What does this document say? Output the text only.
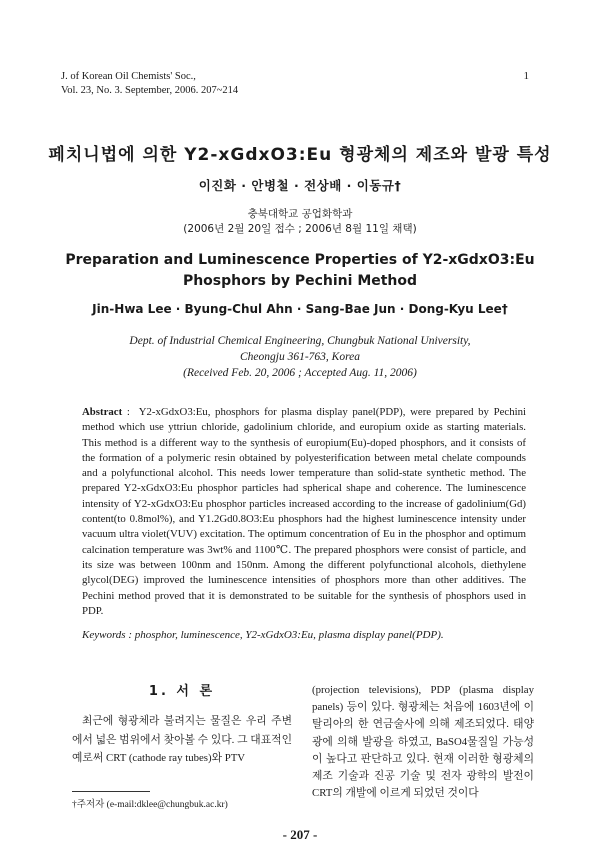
J. of Korean Oil Chemists' Soc.,
Vol. 23, No. 3. September, 2006. 207~214
1
페치니법에 의한 Y2-xGdxO3:Eu 형광체의 제조와 발광 특성
이진화 · 안병철 · 전상배 · 이동규†
충북대학교 공업화학과
(2006년 2월 20일 접수 ; 2006년 8월 11일 채택)
Preparation and Luminescence Properties of Y2-xGdxO3:Eu
Phosphors by Pechini Method
Jin-Hwa Lee · Byung-Chul Ahn · Sang-Bae Jun · Dong-Kyu Lee†
Dept. of Industrial Chemical Engineering, Chungbuk National University,
Cheongju 361-763, Korea
(Received Feb. 20, 2006 ; Accepted Aug. 11, 2006)
Abstract :  Y2-xGdxO3:Eu, phosphors for plasma display panel(PDP), were prepared by Pechini method which use yttriun chloride, gadolinium chloride, and europium oxide as starting materials. This method is a different way to the synthesis of europium(Eu)-doped phosphors, and it consists of the formation of a polymeric resin obtained by polyesterification between metal chelate compounds and a polyfunctional alcohol. This needs lower temperature than solid-state synthetic method. The prepared Y2-xGdxO3:Eu phosphor particles had spherical shape and coherence. The luminescence intensity of Y2-xGdxO3:Eu phosphor particles increased according to the increase of gadolinium(Gd) content(to 0.8mol%), and Y1.2Gd0.8O3:Eu phosphors had the highest luminescence intensity under vacuum ultra violet(VUV) excitation. The optimum concentration of Eu in the phosphor and optimum calcination temperature was 3wt% and 1100℃. The prepared phosphors were consist of particle, and its size was between 100nm and 150nm. Among the different polyfunctional alcohols, diethylene glycol(DEG) improved the luminescence intensities of phosphors more than other additives. The Pechini method proved that it is demonstrated to be suitable for the synthesis of phosphors used in PDP.
Keywords : phosphor, luminescence, Y2-xGdxO3:Eu, plasma display panel(PDP).
1. 서 론
최근에 형광체라 불려지는 물질은 우리 주변에서 넓은 범위에서 찾아볼 수 있다. 그 대표적인 예로써 CRT (cathode ray tubes)와 PTV
(projection televisions), PDP (plasma display panels) 등이 있다. 형광체는 처음에 1603년에 이탈리아의 한 연금술사에 의해 제조되었다. 태양광에 의해 발광을 하였고, BaSO4물질일 가능성이 높다고 판단하고 있다. 현재 이러한 형광체의 제조 기술과 진공 기술 및 전자 광학의 발전이 CRT의 개발에 이르게 되었던 것이다
†주저자 (e-mail:dklee@chungbuk.ac.kr)
- 207 -
